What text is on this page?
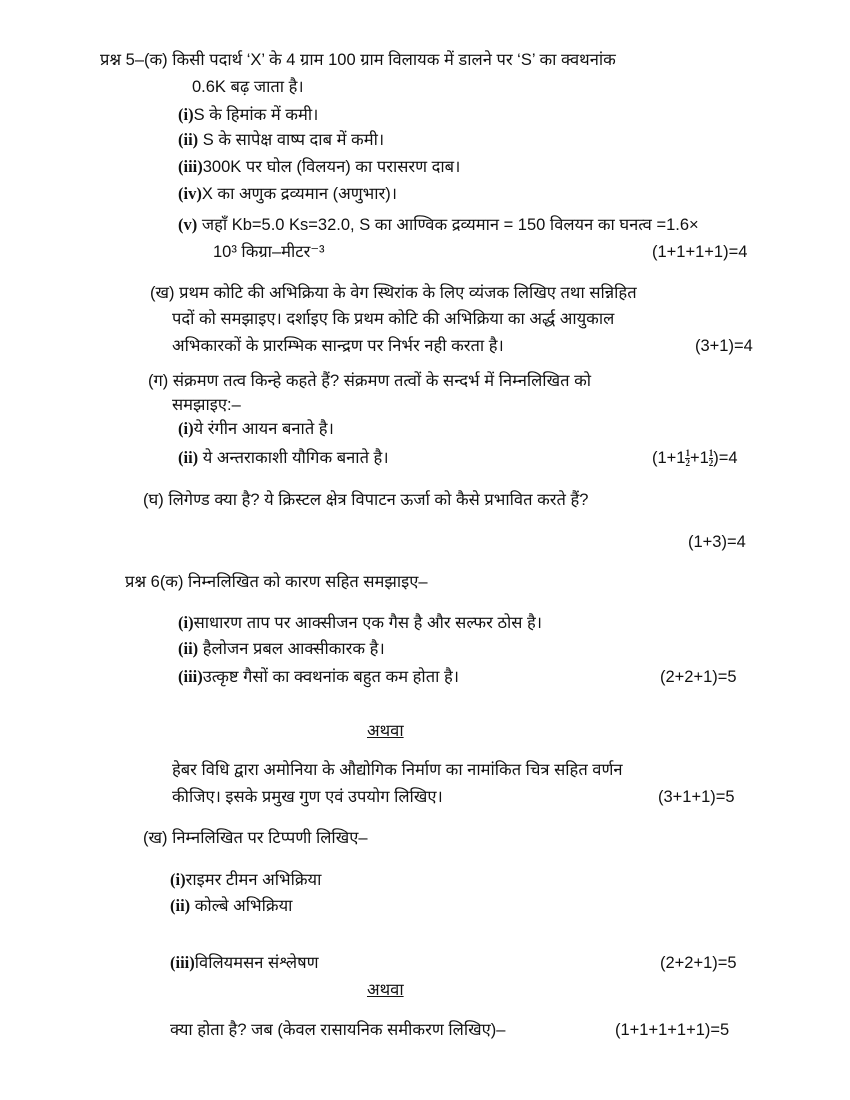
प्रश्न 5–(क) किसी पदार्थ ‘X’ के 4 ग्राम 100 ग्राम विलायक में डालने पर ‘S’ का क्वथनांक
0.6K बढ़ जाता है।
(i)S के हिमांक में कमी।
(ii) S के सापेक्ष वाष्प दाब में कमी।
(iii)300K पर घोल (विलयन) का परासरण दाब।
(iv)X का अणुक द्रव्यमान (अणुभार)।
(v) जहाँ Kb=5.0 Ks=32.0, S का आण्विक द्रव्यमान = 150 विलयन का घनत्व =1.6×
10³ किग्रा–मीटर⁻³	(1+1+1+1)=4
(ख) प्रथम कोटि की अभिक्रिया के वेग स्थिरांक के लिए व्यंजक लिखिए तथा सन्निहित
पदों को समझाइए। दर्शाइए कि प्रथम कोटि की अभिक्रिया का अर्द्ध आयुकाल
अभिकारकों के प्रारम्भिक सान्द्रण पर निर्भर नही करता है।	(3+1)=4
(ग) संक्रमण तत्व किन्हे कहते हैं? संक्रमण तत्वों के सन्दर्भ में निम्नलिखित को
समझाइए:–
(i)ये रंगीन आयन बनाते है।
(ii) ये अन्तराकाशी यौगिक बनाते है।	$(1+1 \frac{1}{2} +1 \frac{1}{2} )=4$
(घ) लिगेण्ड क्या है? ये क्रिस्टल क्षेत्र विपाटन ऊर्जा को कैसे प्रभावित करते हैं?
(1+3)=4
प्रश्न 6(क) निम्नलिखित को कारण सहित समझाइए–
(i)साधारण ताप पर आक्सीजन एक गैस है और सल्फर ठोस है।
(ii) हैलोजन प्रबल आक्सीकारक है।
(iii)उत्कृष्ट गैसों का क्वथनांक बहुत कम होता है।	(2+2+1)=5
अथवा
हेबर विधि द्वारा अमोनिया के औद्योगिक निर्माण का नामांकित चित्र सहित वर्णन
कीजिए। इसके प्रमुख गुण एवं उपयोग लिखिए।	(3+1+1)=5
(ख) निम्नलिखित पर टिप्पणी लिखिए–
(i)राइमर टीमन अभिक्रिया
(ii) कोल्बे अभिक्रिया
(iii)विलियमसन संश्लेषण	(2+2+1)=5
अथवा
क्या होता है? जब (केवल रासायनिक समीकरण लिखिए)–	(1+1+1+1+1)=5
